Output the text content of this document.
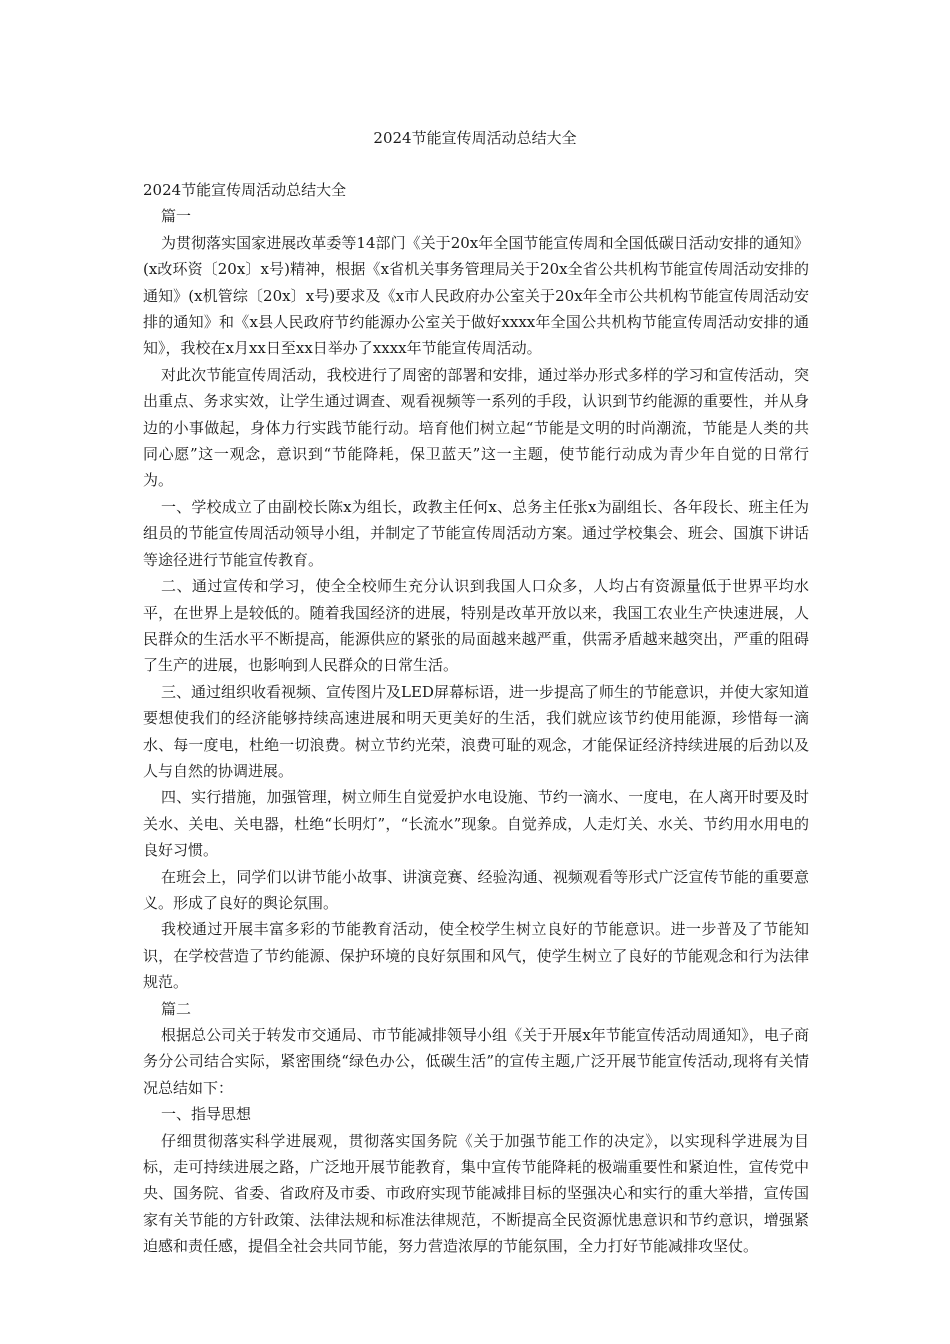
2024节能宣传周活动总结大全

2024节能宣传周活动总结大全

篇一

为贯彻落实国家进展改革委等14部门《关于20x年全国节能宣传周和全国低碳日活动安排的通知》(x改环资〔20x〕x号)精神，根据《x省机关事务管理局关于20x全省公共机构节能宣传周活动安排的通知》(x机管综〔20x〕x号)要求及《x市人民政府办公室关于20x年全市公共机构节能宣传周活动安排的通知》和《x县人民政府节约能源办公室关于做好xxxx年全国公共机构节能宣传周活动安排的通知》，我校在x月xx日至xx日举办了xxxx年节能宣传周活动。

对此次节能宣传周活动，我校进行了周密的部署和安排，通过举办形式多样的学习和宣传活动，突出重点、务求实效，让学生通过调查、观看视频等一系列的手段，认识到节约能源的重要性，并从身边的小事做起，身体力行实践节能行动。培育他们树立起“节能是文明的时尚潮流，节能是人类的共同心愿”这一观念，意识到“节能降耗，保卫蓝天”这一主题，使节能行动成为青少年自觉的日常行为。

一、学校成立了由副校长陈x为组长，政教主任何x、总务主任张x为副组长、各年段长、班主任为组员的节能宣传周活动领导小组，并制定了节能宣传周活动方案。通过学校集会、班会、国旗下讲话等途径进行节能宣传教育。

二、通过宣传和学习，使全全校师生充分认识到我国人口众多，人均占有资源量低于世界平均水平，在世界上是较低的。随着我国经济的进展，特别是改革开放以来，我国工农业生产快速进展，人民群众的生活水平不断提高，能源供应的紧张的局面越来越严重，供需矛盾越来越突出，严重的阻碍了生产的进展，也影响到人民群众的日常生活。

三、通过组织收看视频、宣传图片及LED屏幕标语，进一步提高了师生的节能意识，并使大家知道要想使我们的经济能够持续高速进展和明天更美好的生活，我们就应该节约使用能源，珍惜每一滴水、每一度电，杜绝一切浪费。树立节约光荣，浪费可耻的观念，才能保证经济持续进展的后劲以及人与自然的协调进展。

四、实行措施，加强管理，树立师生自觉爱护水电设施、节约一滴水、一度电，在人离开时要及时关水、关电、关电器，杜绝“长明灯”，“长流水”现象。自觉养成，人走灯关、水关、节约用水用电的良好习惯。

在班会上，同学们以讲节能小故事、讲演竞赛、经验沟通、视频观看等形式广泛宣传节能的重要意义。形成了良好的舆论氛围。

我校通过开展丰富多彩的节能教育活动，使全校学生树立良好的节能意识。进一步普及了节能知识，在学校营造了节约能源、保护环境的良好氛围和风气，使学生树立了良好的节能观念和行为法律规范。

篇二

根据总公司关于转发市交通局、市节能减排领导小组《关于开展x年节能宣传活动周通知》，电子商务分公司结合实际，紧密围绕“绿色办公，低碳生活”的宣传主题,广泛开展节能宣传活动,现将有关情况总结如下：

一、指导思想

仔细贯彻落实科学进展观，贯彻落实国务院《关于加强节能工作的决定》，以实现科学进展为目标，走可持续进展之路，广泛地开展节能教育，集中宣传节能降耗的极端重要性和紧迫性，宣传党中央、国务院、省委、省政府及市委、市政府实现节能减排目标的坚强决心和实行的重大举措，宣传国家有关节能的方针政策、法律法规和标准法律规范，不断提高全民资源忧患意识和节约意识，增强紧迫感和责任感，提倡全社会共同节能，努力营造浓厚的节能氛围，全力打好节能减排攻坚仗。
